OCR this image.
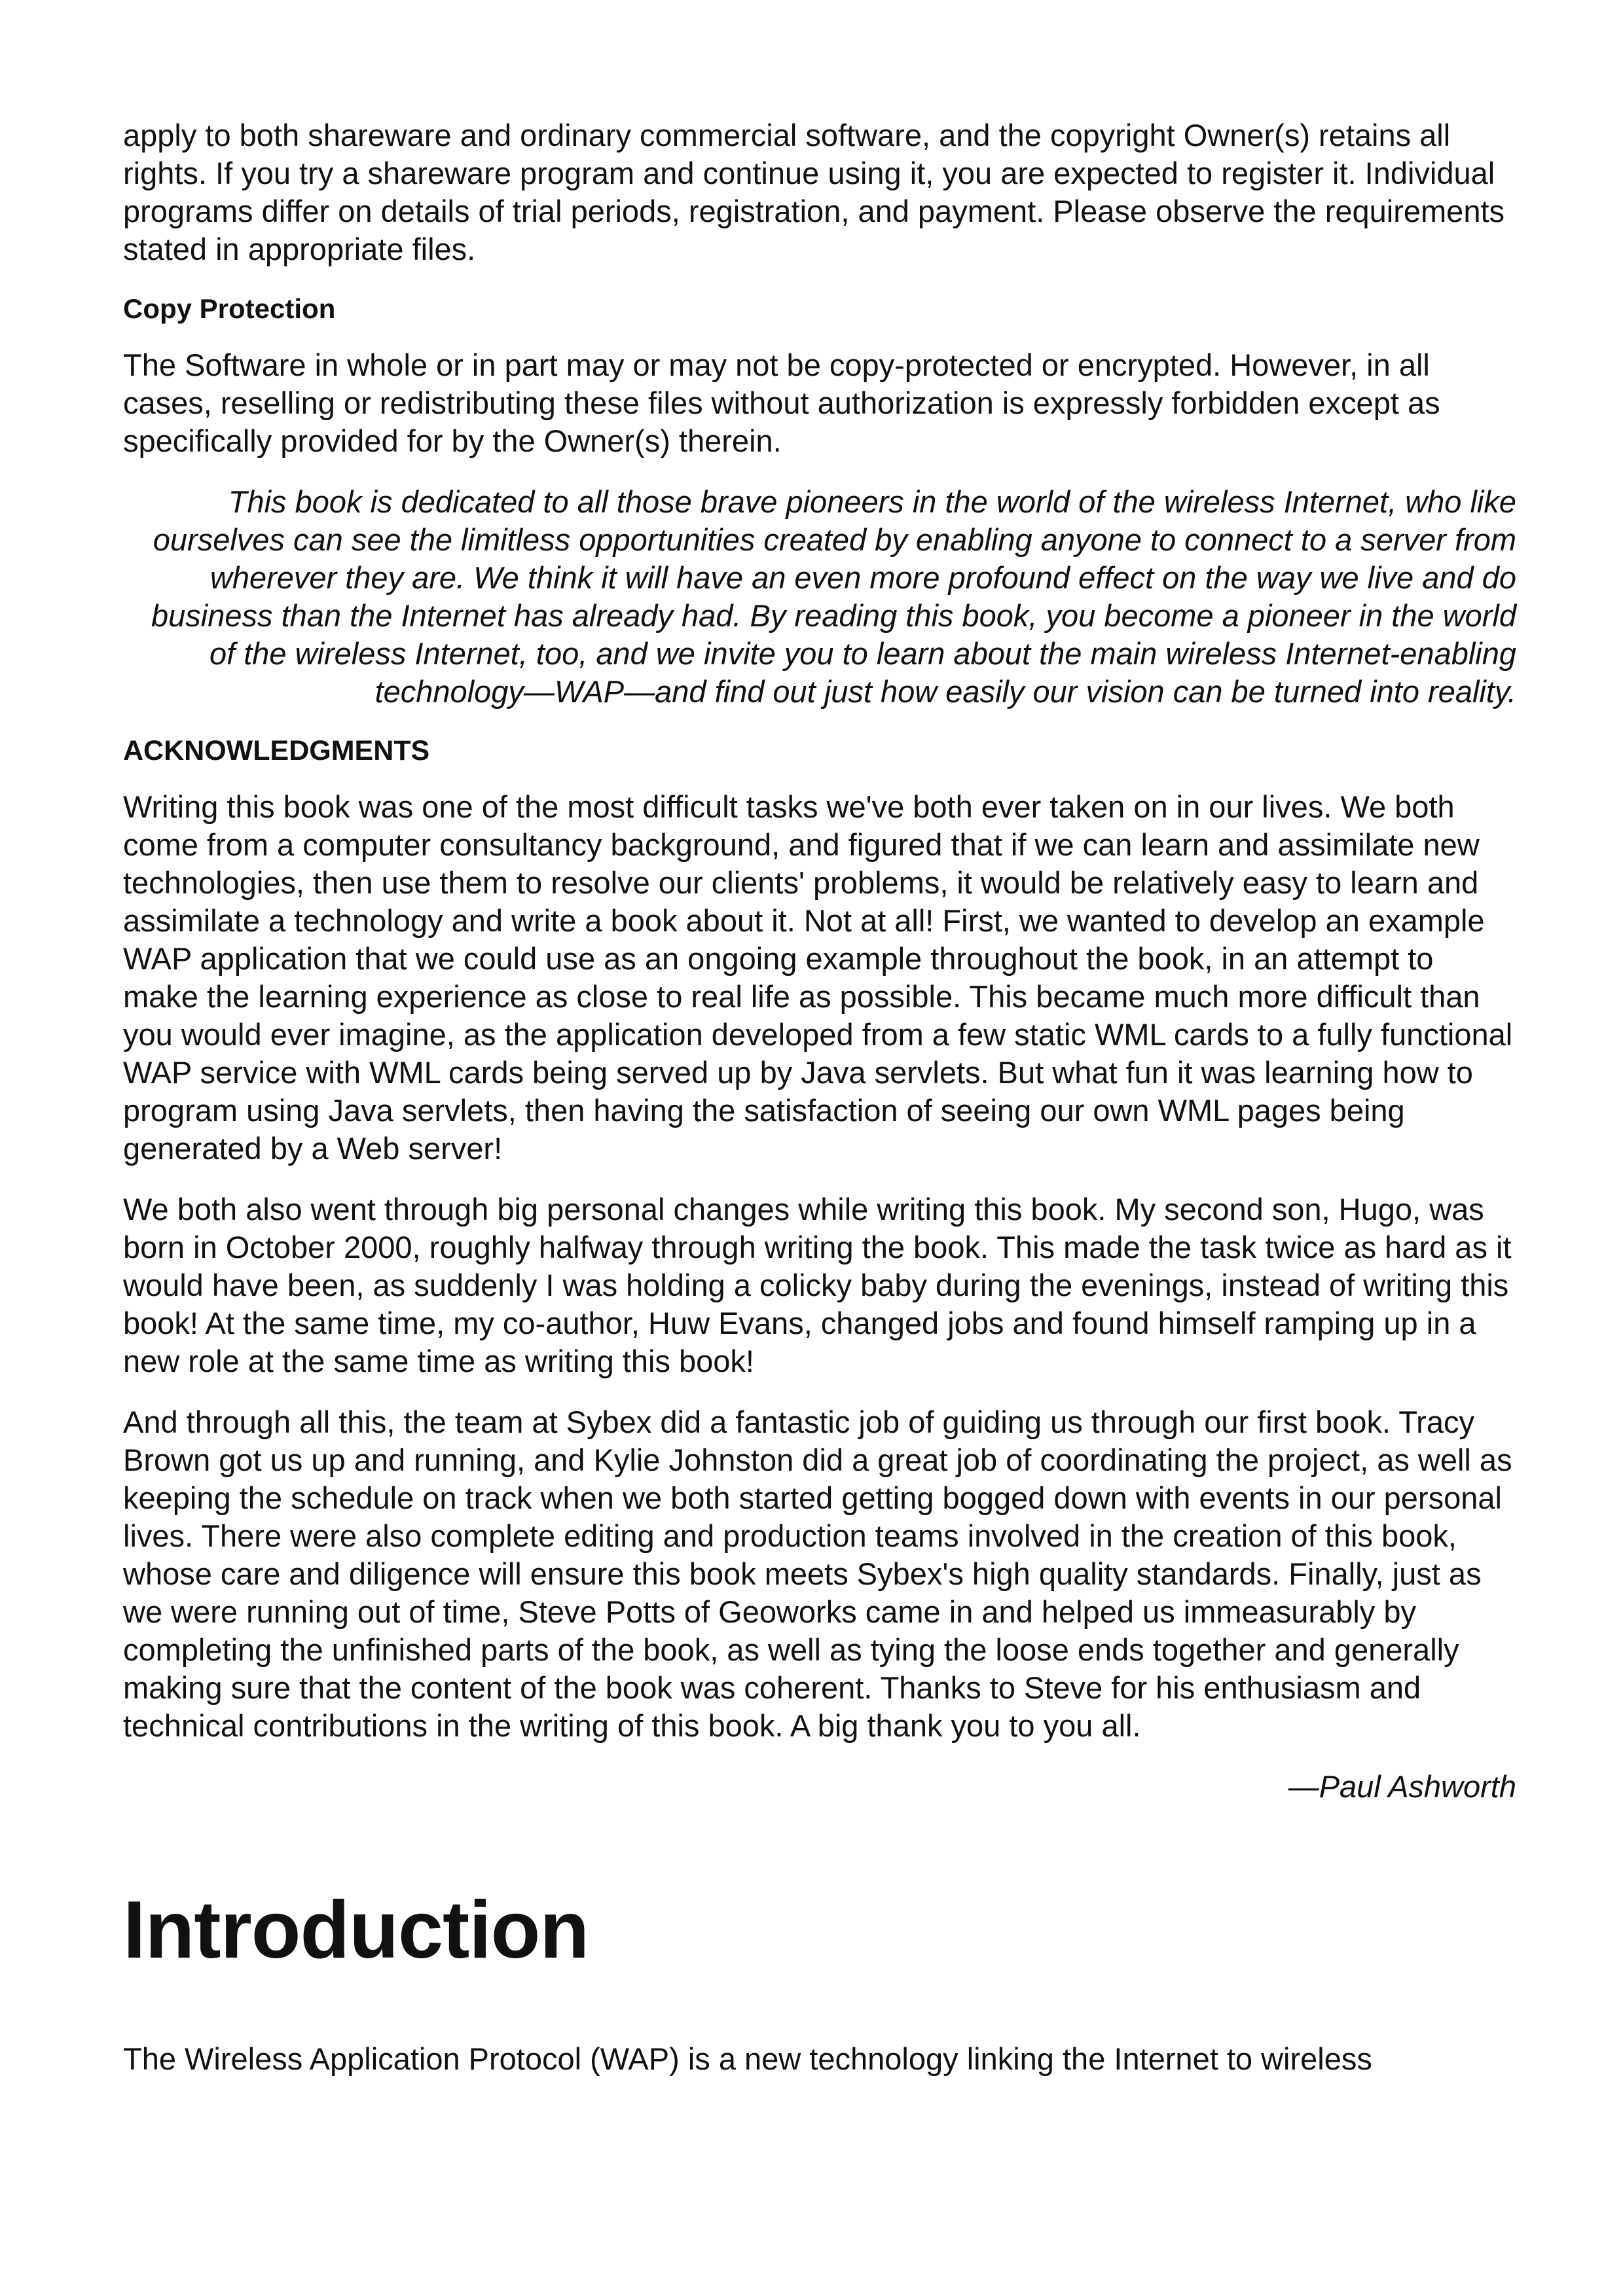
apply to both shareware and ordinary commercial software, and the copyright Owner(s) retains all rights. If you try a shareware program and continue using it, you are expected to register it. Individual programs differ on details of trial periods, registration, and payment. Please observe the requirements stated in appropriate files.

Copy Protection

The Software in whole or in part may or may not be copy-protected or encrypted. However, in all cases, reselling or redistributing these files without authorization is expressly forbidden except as specifically provided for by the Owner(s) therein.

This book is dedicated to all those brave pioneers in the world of the wireless Internet, who like ourselves can see the limitless opportunities created by enabling anyone to connect to a server from wherever they are. We think it will have an even more profound effect on the way we live and do business than the Internet has already had. By reading this book, you become a pioneer in the world of the wireless Internet, too, and we invite you to learn about the main wireless Internet-enabling technology—WAP—and find out just how easily our vision can be turned into reality.

ACKNOWLEDGMENTS

Writing this book was one of the most difficult tasks we've both ever taken on in our lives. We both come from a computer consultancy background, and figured that if we can learn and assimilate new technologies, then use them to resolve our clients' problems, it would be relatively easy to learn and assimilate a technology and write a book about it. Not at all! First, we wanted to develop an example WAP application that we could use as an ongoing example throughout the book, in an attempt to make the learning experience as close to real life as possible. This became much more difficult than you would ever imagine, as the application developed from a few static WML cards to a fully functional WAP service with WML cards being served up by Java servlets. But what fun it was learning how to program using Java servlets, then having the satisfaction of seeing our own WML pages being generated by a Web server!

We both also went through big personal changes while writing this book. My second son, Hugo, was born in October 2000, roughly halfway through writing the book. This made the task twice as hard as it would have been, as suddenly I was holding a colicky baby during the evenings, instead of writing this book! At the same time, my co-author, Huw Evans, changed jobs and found himself ramping up in a new role at the same time as writing this book!

And through all this, the team at Sybex did a fantastic job of guiding us through our first book. Tracy Brown got us up and running, and Kylie Johnston did a great job of coordinating the project, as well as keeping the schedule on track when we both started getting bogged down with events in our personal lives. There were also complete editing and production teams involved in the creation of this book, whose care and diligence will ensure this book meets Sybex's high quality standards. Finally, just as we were running out of time, Steve Potts of Geoworks came in and helped us immeasurably by completing the unfinished parts of the book, as well as tying the loose ends together and generally making sure that the content of the book was coherent. Thanks to Steve for his enthusiasm and technical contributions in the writing of this book. A big thank you to you all.

—Paul Ashworth

Introduction

The Wireless Application Protocol (WAP) is a new technology linking the Internet to wireless
